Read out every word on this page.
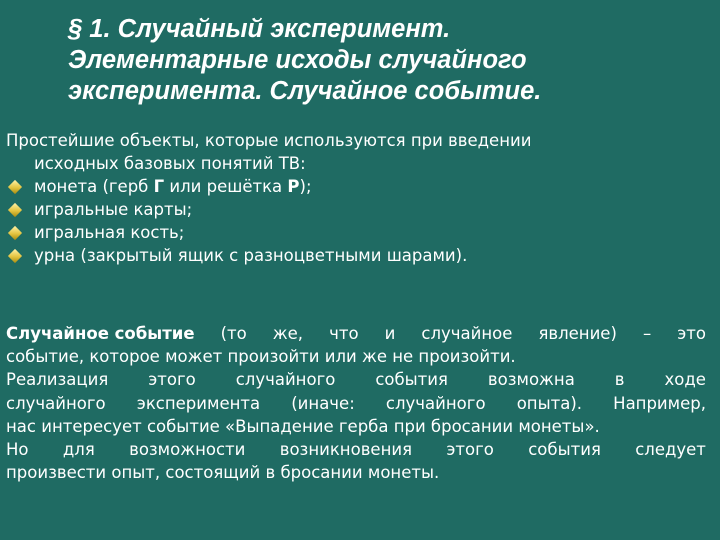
§ 1. Случайный эксперимент.
Элементарные исходы случайного
эксперимента. Случайное событие.
Простейшие объекты, которые используются при введении
исходных базовых понятий ТВ:
монета (герб Г или решётка Р);
игральные карты;
игральная кость;
урна (закрытый ящик с разноцветными шарами).
Случайное событие (то же, что и случайное явление) – это
событие, которое может произойти или же не произойти.
Реализация этого случайного события возможна в ходе
случайного эксперимента (иначе: случайного опыта). Например,
нас интересует событие «Выпадение герба при бросании монеты».
Но для возможности возникновения этого события следует
произвести опыт, состоящий в бросании монеты.
